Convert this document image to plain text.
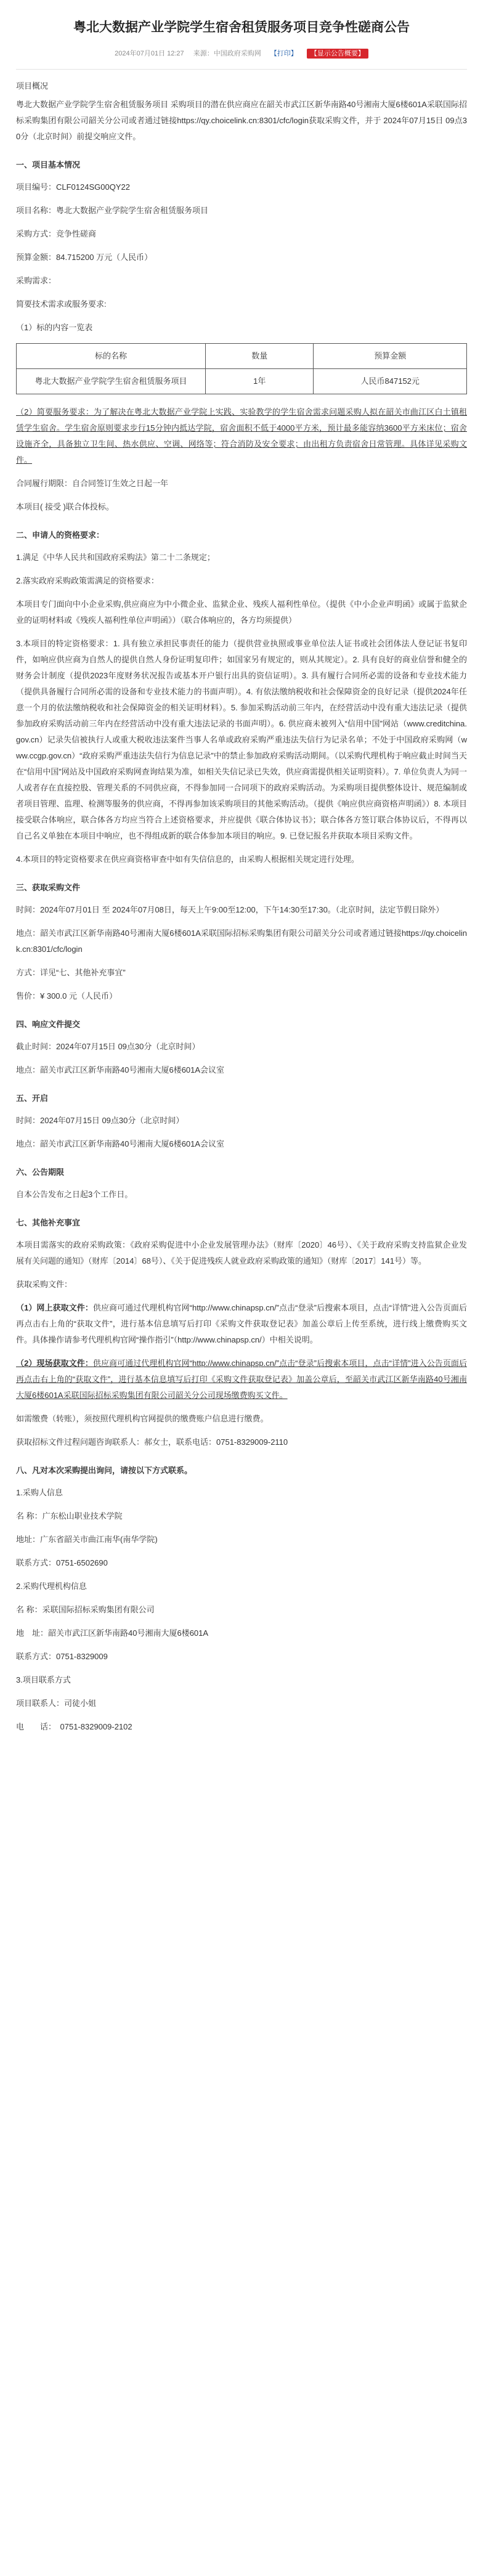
粤北大数据产业学院学生宿舍租赁服务项目竞争性磋商公告
2024年07月01日 12:27 来源：中国政府采购网 【打印】 【显示公告概要】

项目概况

粤北大数据产业学院学生宿舍租赁服务项目 采购项目的潜在供应商应在韶关市武江区新华南路40号湘南大厦6楼601A采联国际招标采购集团有限公司韶关分公司或者通过链接https://qy.choicelink.cn:8301/cfc/login获取采购文件，并于 2024年07月15日 09点30分（北京时间）前提交响应文件。

一、项目基本情况

项目编号：CLF0124SG00QY22

项目名称：粤北大数据产业学院学生宿舍租赁服务项目

采购方式：竞争性磋商

预算金额：84.715200 万元（人民币）

采购需求：

简要技术需求或服务要求:

（1）标的内容一览表

标的名称	数量	预算金额
粤北大数据产业学院学生宿舍租赁服务项目	1年	人民币847152元

（2）简要服务要求：为了解决在粤北大数据产业学院上实践、实验教学的学生宿舍需求问题采购人拟在韶关市曲江区白土镇租赁学生宿舍。学生宿舍原则要求步行15分钟内抵达学院，宿舍面积不低于4000平方米，预计最多能容纳3600平方米床位；宿舍设施齐全，具备独立卫生间、热水供应、空调、网络等；符合消防及安全要求；由出租方负责宿舍日常管理。具体详见采购文件。

合同履行期限：自合同签订生效之日起一年

本项目( 接受 )联合体投标。

二、申请人的资格要求：

1.满足《中华人民共和国政府采购法》第二十二条规定；

2.落实政府采购政策需满足的资格要求：

本项目专门面向中小企业采购,供应商应为中小微企业、监狱企业、残疾人福利性单位。（提供《中小企业声明函》或属于监狱企业的证明材料或《残疾人福利性单位声明函》）（联合体响应的，各方均须提供）

3.本项目的特定资格要求：1. 具有独立承担民事责任的能力（提供营业执照或事业单位法人证书或社会团体法人登记证书复印件，如响应供应商为自然人的提供自然人身份证明复印件；如国家另有规定的，则从其规定）。2. 具有良好的商业信誉和健全的财务会计制度（提供2023年度财务状况报告或基本开户银行出具的资信证明）。3. 具有履行合同所必需的设备和专业技术能力（提供具备履行合同所必需的设备和专业技术能力的书面声明）。4. 有依法缴纳税收和社会保障资金的良好记录（提供2024年任意一个月的依法缴纳税收和社会保障资金的相关证明材料）。5. 参加采购活动前三年内，在经营活动中没有重大违法记录（提供参加政府采购活动前三年内在经营活动中没有重大违法记录的书面声明）。6. 供应商未被列入“信用中国”网站（www.creditchina.gov.cn）记录失信被执行人或重大税收违法案件当事人名单或政府采购严重违法失信行为记录名单；不处于中国政府采购网（www.ccgp.gov.cn）“政府采购严重违法失信行为信息记录”中的禁止参加政府采购活动期间。（以采购代理机构于响应截止时间当天在“信用中国”网站及中国政府采购网查询结果为准，如相关失信记录已失效，供应商需提供相关证明资料）。7. 单位负责人为同一人或者存在直接控股、管理关系的不同供应商，不得参加同一合同项下的政府采购活动。为采购项目提供整体设计、规范编制或者项目管理、监理、检测等服务的供应商，不得再参加该采购项目的其他采购活动。（提供《响应供应商资格声明函》）8. 本项目接受联合体响应，联合体各方均应当符合上述资格要求，并应提供《联合体协议书》；联合体各方签订联合体协议后，不得再以自己名义单独在本项目中响应，也不得组成新的联合体参加本项目的响应。9. 已登记报名并获取本项目采购文件。

4.本项目的特定资格要求在供应商资格审查中如有失信信息的，由采购人根据相关规定进行处理。

三、获取采购文件

时间：2024年07月01日 至 2024年07月08日，每天上午9:00至12:00，下午14:30至17:30。（北京时间，法定节假日除外）

地点：韶关市武江区新华南路40号湘南大厦6楼601A采联国际招标采购集团有限公司韶关分公司或者通过链接https://qy.choicelink.cn:8301/cfc/login

方式：详见“七、其他补充事宜”

售价：¥ 300.0 元（人民币）

四、响应文件提交

截止时间：2024年07月15日 09点30分（北京时间）

地点：韶关市武江区新华南路40号湘南大厦6楼601A会议室

五、开启

时间：2024年07月15日 09点30分（北京时间）

地点：韶关市武江区新华南路40号湘南大厦6楼601A会议室

六、公告期限

自本公告发布之日起3个工作日。

七、其他补充事宜

本项目需落实的政府采购政策：《政府采购促进中小企业发展管理办法》（财库〔2020〕46号）、《关于政府采购支持监狱企业发展有关问题的通知》（财库〔2014〕68号）、《关于促进残疾人就业政府采购政策的通知》（财库〔2017〕141号）等。

获取采购文件：

（1）网上获取文件：供应商可通过代理机构官网“http://www.chinapsp.cn/”点击“登录”后搜索本项目，点击“详情”进入公告页面后再点击右上角的“获取文件”，进行基本信息填写后打印《采购文件获取登记表》加盖公章后上传至系统，进行线上缴费购买文件。具体操作请参考代理机构官网“操作指引”（http://www.chinapsp.cn/）中相关说明。

（2）现场获取文件：供应商可通过代理机构官网“http://www.chinapsp.cn/”点击“登录”后搜索本项目，点击“详情”进入公告页面后再点击右上角的“获取文件”，进行基本信息填写后打印《采购文件获取登记表》加盖公章后，至韶关市武江区新华南路40号湘南大厦6楼601A采联国际招标采购集团有限公司韶关分公司现场缴费购买文件。

如需缴费（转账），须按照代理机构官网提供的缴费账户信息进行缴费。

获取招标文件过程问题咨询联系人：郝女士，联系电话：0751-8329009-2110

八、凡对本次采购提出询问，请按以下方式联系。

1.采购人信息

名 称：广东松山职业技术学院

地址：广东省韶关市曲江南华(南华学院)

联系方式：0751-6502690

2.采购代理机构信息

名 称：采联国际招标采购集团有限公司

地　址：韶关市武江区新华南路40号湘南大厦6楼601A

联系方式：0751-8329009

3.项目联系方式

项目联系人：司徒小姐

电　　话：　0751-8329009-2102
